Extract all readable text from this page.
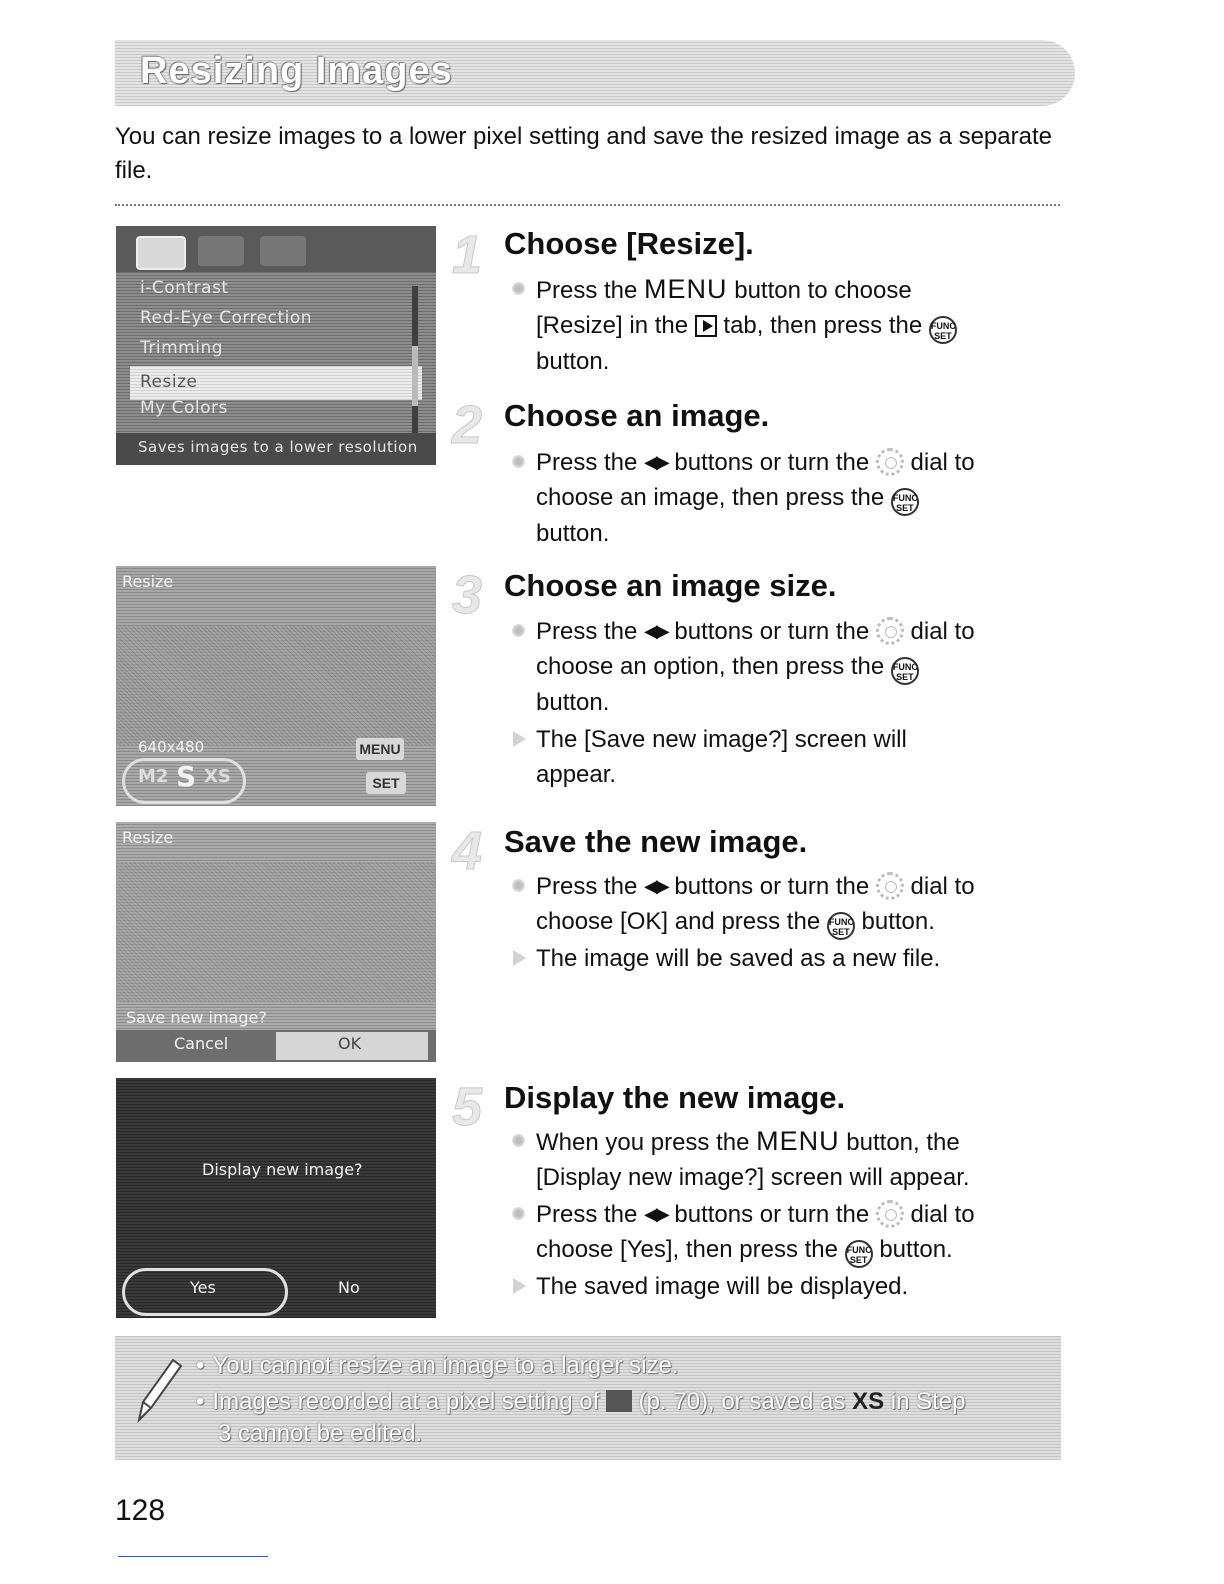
Resizing Images
You can resize images to a lower pixel setting and save the resized image as a separate file.
i-Contrast
Red-Eye Correction
Trimming
Resize
My Colors
Saves images to a lower resolution
Resize
640x480
M2 S XS
MENU
SET
Resize
Save new image?
Cancel	OK
Display new image?
Yes	No
1 Choose [Resize].
Press the MENU button to choose
[Resize] in the  tab, then press the FUNC SET
button.
2 Choose an image.
Press the ◀▶ buttons or turn the  dial to
choose an image, then press the FUNC SET
button.
3 Choose an image size.
Press the ◀▶ buttons or turn the  dial to
choose an option, then press the FUNC SET
button.
The [Save new image?] screen will appear.
4 Save the new image.
Press the ◀▶ buttons or turn the  dial to
choose [OK] and press the FUNC SET button.
The image will be saved as a new file.
5 Display the new image.
When you press the MENU button, the
[Display new image?] screen will appear.
Press the ◀▶ buttons or turn the  dial to
choose [Yes], then press the FUNC SET button.
The saved image will be displayed.
• You cannot resize an image to a larger size.
• Images recorded at a pixel setting of  (p. 70), or saved as XS in Step
3 cannot be edited.
128
